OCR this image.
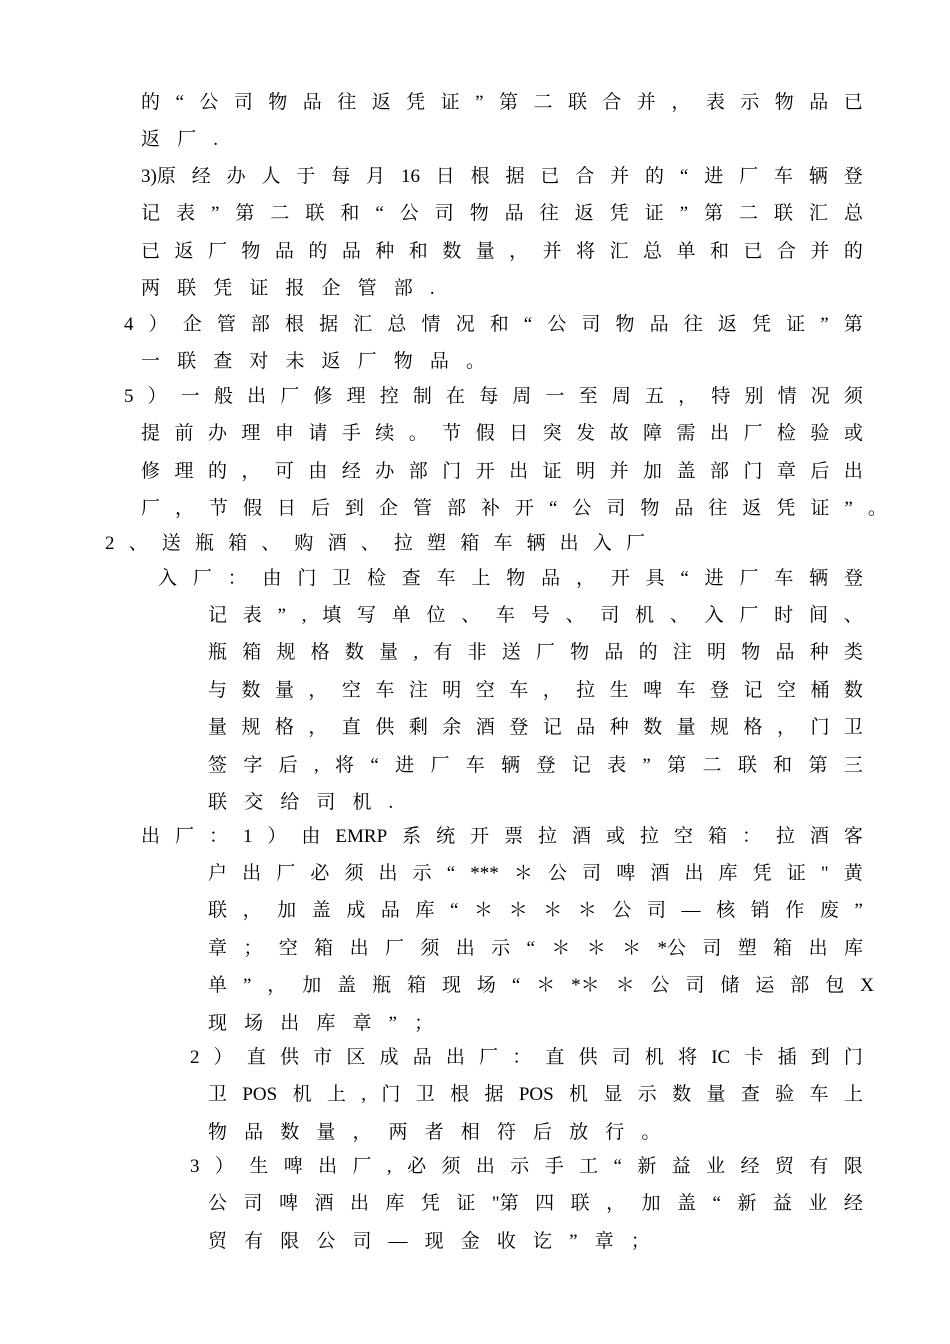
的 “ 公 司 物 品 往 返 凭 证 ” 第 二 联 合 并 ， 表 示 物 品 已
返 厂 .
3)原 经 办 人 于 每 月 16 日 根 据 已 合 并 的 “ 进 厂 车 辆 登
记 表 ” 第 二 联 和 “ 公 司 物 品 往 返 凭 证 ” 第 二 联 汇 总
已 返 厂 物 品 的 品 种 和 数 量 ， 并 将 汇 总 单 和 已 合 并 的
两 联 凭 证 报 企 管 部 .
4 ） 企 管 部 根 据 汇 总 情 况 和 “ 公 司 物 品 往 返 凭 证 ” 第
一 联 查 对 未 返 厂 物 品 。
5 ） 一 般 出 厂 修 理 控 制 在 每 周 一 至 周 五 ， 特 别 情 况 须
提 前 办 理 申 请 手 续 。 节 假 日 突 发 故 障 需 出 厂 检 验 或
修 理 的 ， 可 由 经 办 部 门 开 出 证 明 并 加 盖 部 门 章 后 出
厂 ， 节 假 日 后 到 企 管 部 补 开 “ 公 司 物 品 往 返 凭 证 ” 。
2 、 送 瓶 箱 、 购 酒 、 拉 塑 箱 车 辆 出 入 厂
入 厂 ： 由 门 卫 检 查 车 上 物 品 ， 开 具 “ 进 厂 车 辆 登
记 表 ” , 填 写 单 位 、 车 号 、 司 机 、 入 厂 时 间 、
瓶 箱 规 格 数 量 , 有 非 送 厂 物 品 的 注 明 物 品 种 类
与 数 量 ， 空 车 注 明 空 车 ， 拉 生 啤 车 登 记 空 桶 数
量 规 格 ， 直 供 剩 余 酒 登 记 品 种 数 量 规 格 ， 门 卫
签 字 后 , 将 “ 进 厂 车 辆 登 记 表 ” 第 二 联 和 第 三
联 交 给 司 机 .
出 厂 ： 1 ） 由 EMRP 系 统 开 票 拉 酒 或 拉 空 箱 ： 拉 酒 客
户 出 厂 必 须 出 示 “ *** ＊ 公 司 啤 酒 出 库 凭 证 " 黄
联 ， 加 盖 成 品 库 “ ＊ ＊ ＊ ＊ 公 司 — 核 销 作 废 ”
章 ； 空 箱 出 厂 须 出 示 “ ＊ ＊ ＊ *公 司 塑 箱 出 库
单 ” ， 加 盖 瓶 箱 现 场 “ ＊ *＊ ＊ 公 司 储 运 部 包 X
现 场 出 库 章 ” ；
2 ） 直 供 市 区 成 品 出 厂 ： 直 供 司 机 将 IC 卡 插 到 门
卫 POS 机 上 , 门 卫 根 据 POS 机 显 示 数 量 查 验 车 上
物 品 数 量 ， 两 者 相 符 后 放 行 。
3 ） 生 啤 出 厂 , 必 须 出 示 手 工 “ 新 益 业 经 贸 有 限
公 司 啤 酒 出 库 凭 证 "第 四 联 ， 加 盖 “ 新 益 业 经
贸 有 限 公 司 — 现 金 收 讫 ” 章 ；
